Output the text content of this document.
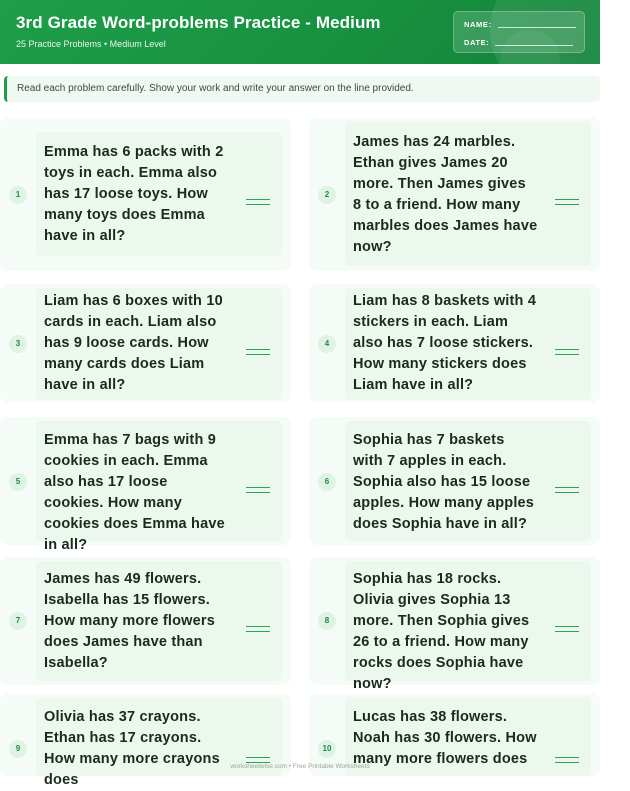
3rd Grade Word-problems Practice - Medium
25 Practice Problems • Medium Level
NAME:
DATE:
Read each problem carefully. Show your work and write your answer on the line provided.
1

Emma has 6 packs with 2 toys in each. Emma also has 17 loose toys. How many toys does Emma have in all?

2

James has 24 marbles. Ethan gives James 20 more. Then James gives 8 to a friend. How many marbles does James have now?

3

Liam has 6 boxes with 10 cards in each. Liam also has 9 loose cards. How many cards does Liam have in all?

4

Liam has 8 baskets with 4 stickers in each. Liam also has 7 loose stickers. How many stickers does Liam have in all?

5

Emma has 7 bags with 9 cookies in each. Emma also has 17 loose cookies. How many cookies does Emma have in all?

6

Sophia has 7 baskets with 7 apples in each. Sophia also has 15 loose apples. How many apples does Sophia have in all?

7

James has 49 flowers. Isabella has 15 flowers. How many more flowers does James have than Isabella?

8

Sophia has 18 rocks. Olivia gives Sophia 13 more. Then Sophia gives 26 to a friend. How many rocks does Sophia have now?

9

Olivia has 37 crayons. Ethan has 17 crayons. How many more crayons does

10

Lucas has 38 flowers. Noah has 30 flowers. How many more flowers does

worksheetwise.com • Free Printable Worksheets
